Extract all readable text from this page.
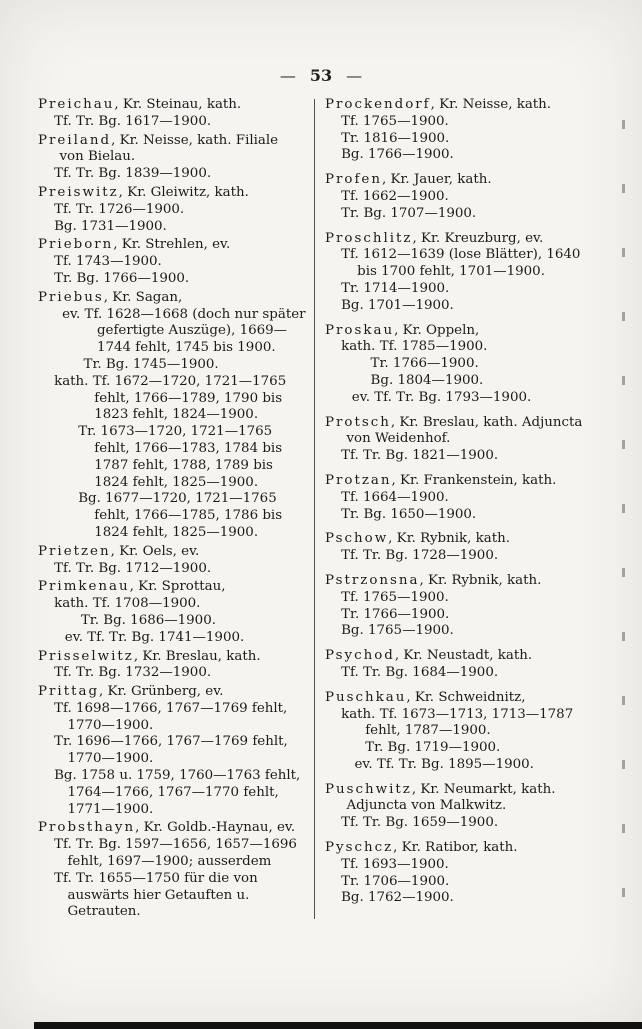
— 53 —
Preichau, Kr. Steinau, kath.
Tf. Tr. Bg. 1617—1900.
Preiland, Kr. Neisse, kath. Filiale von Bielau.
Tf. Tr. Bg. 1839—1900.
Preiswitz, Kr. Gleiwitz, kath.
Tf. Tr. 1726—1900.
Bg. 1731—1900.
Prieborn, Kr. Strehlen, ev.
Tf. 1743—1900.
Tr. Bg. 1766—1900.
Priebus, Kr. Sagan,
ev. Tf. 1628—1668 (doch nur später gefertigte Auszüge), 1669—1744 fehlt, 1745 bis 1900.
Tr. Bg. 1745—1900.
kath. Tf. 1672—1720, 1721—1765 fehlt, 1766—1789, 1790 bis 1823 fehlt, 1824—1900.
Tr. 1673—1720, 1721—1765 fehlt, 1766—1783, 1784 bis 1787 fehlt, 1788, 1789 bis 1824 fehlt, 1825—1900.
Bg. 1677—1720, 1721—1765 fehlt, 1766—1785, 1786 bis 1824 fehlt, 1825—1900.
Prietzen, Kr. Oels, ev.
Tf. Tr. Bg. 1712—1900.
Primkenau, Kr. Sprottau,
kath. Tf. 1708—1900.
Tr. Bg. 1686—1900.
ev. Tf. Tr. Bg. 1741—1900.
Prisselwitz, Kr. Breslau, kath.
Tf. Tr. Bg. 1732—1900.
Prittag, Kr. Grünberg, ev.
Tf. 1698—1766, 1767—1769 fehlt, 1770—1900.
Tr. 1696—1766, 1767—1769 fehlt, 1770—1900.
Bg. 1758 u. 1759, 1760—1763 fehlt, 1764—1766, 1767—1770 fehlt, 1771—1900.
Probsthayn, Kr. Goldb.-Haynau, ev.
Tf. Tr. Bg. 1597—1656, 1657—1696 fehlt, 1697—1900; ausserdem
Tf. Tr. 1655—1750 für die von auswärts hier Getauften u. Getrauten.
Prockendorf, Kr. Neisse, kath.
Tf. 1765—1900.
Tr. 1816—1900.
Bg. 1766—1900.
Profen, Kr. Jauer, kath.
Tf. 1662—1900.
Tr. Bg. 1707—1900.
Proschlitz, Kr. Kreuzburg, ev.
Tf. 1612—1639 (lose Blätter), 1640 bis 1700 fehlt, 1701—1900.
Tr. 1714—1900.
Bg. 1701—1900.
Proskau, Kr. Oppeln,
kath. Tf. 1785—1900.
Tr. 1766—1900.
Bg. 1804—1900.
ev. Tf. Tr. Bg. 1793—1900.
Protsch, Kr. Breslau, kath. Adjuncta von Weidenhof.
Tf. Tr. Bg. 1821—1900.
Protzan, Kr. Frankenstein, kath.
Tf. 1664—1900.
Tr. Bg. 1650—1900.
Pschow, Kr. Rybnik, kath.
Tf. Tr. Bg. 1728—1900.
Pstrzonsna, Kr. Rybnik, kath.
Tf. 1765—1900.
Tr. 1766—1900.
Bg. 1765—1900.
Psychod, Kr. Neustadt, kath.
Tf. Tr. Bg. 1684—1900.
Puschkau, Kr. Schweidnitz,
kath. Tf. 1673—1713, 1713—1787 fehlt, 1787—1900.
Tr. Bg. 1719—1900.
ev. Tf. Tr. Bg. 1895—1900.
Puschwitz, Kr. Neumarkt, kath. Adjuncta von Malkwitz.
Tf. Tr. Bg. 1659—1900.
Pyschcz, Kr. Ratibor, kath.
Tf. 1693—1900.
Tr. 1706—1900.
Bg. 1762—1900.
